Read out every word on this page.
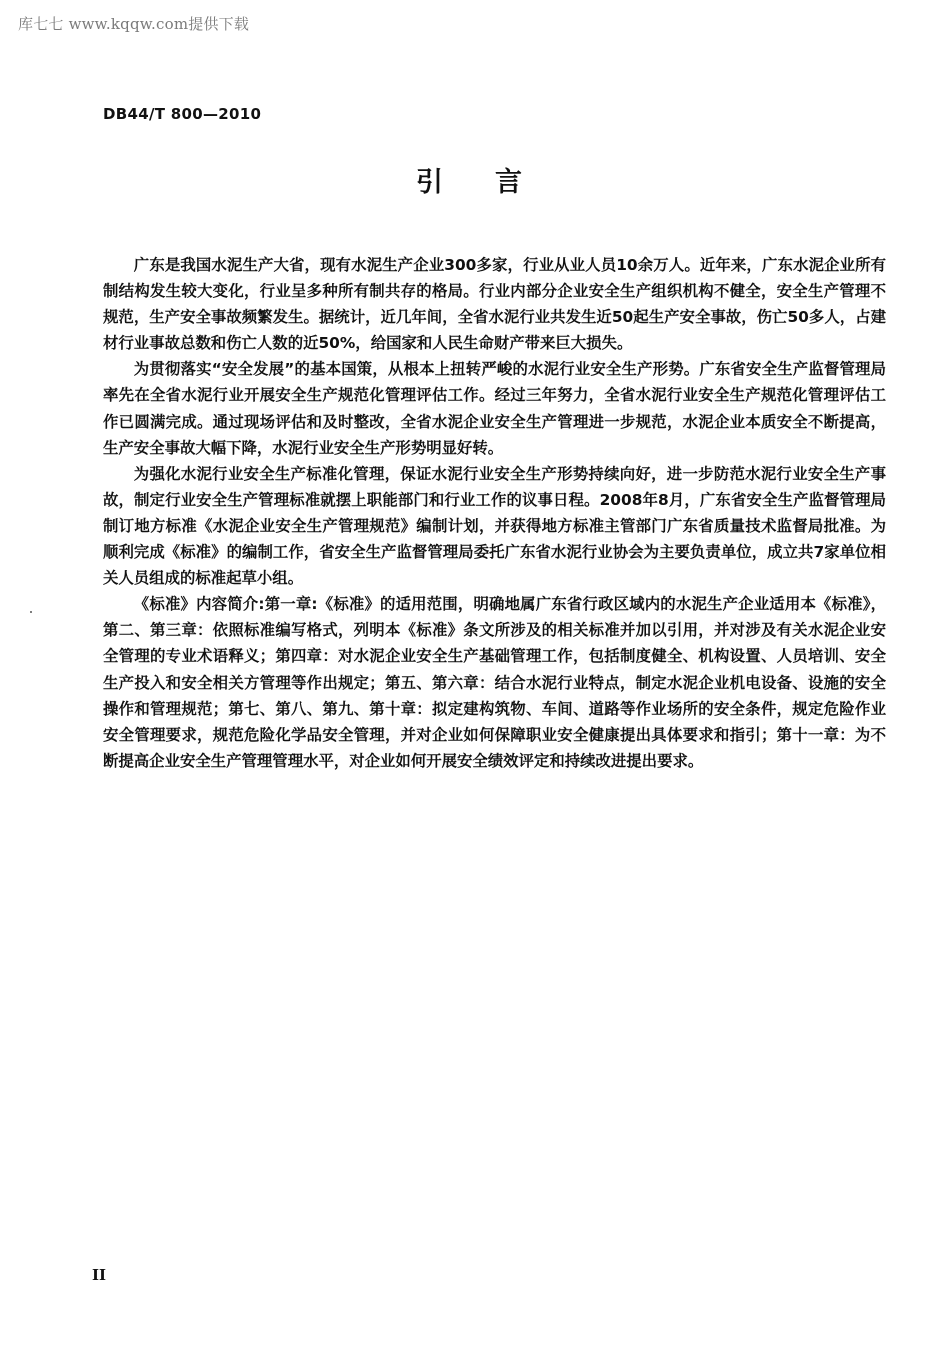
库七七 www.kqqw.com提供下载
DB44/T 800—2010
引言

广东是我国水泥生产大省，现有水泥生产企业300多家，行业从业人员10余万人。近年来，广东水泥企业所有制结构发生较大变化，行业呈多种所有制共存的格局。行业内部分企业安全生产组织机构不健全，安全生产管理不规范，生产安全事故频繁发生。据统计，近几年间，全省水泥行业共发生近50起生产安全事故，伤亡50多人，占建材行业事故总数和伤亡人数的近50%，给国家和人民生命财产带来巨大损失。

为贯彻落实“安全发展”的基本国策，从根本上扭转严峻的水泥行业安全生产形势。广东省安全生产监督管理局率先在全省水泥行业开展安全生产规范化管理评估工作。经过三年努力，全省水泥行业安全生产规范化管理评估工作已圆满完成。通过现场评估和及时整改，全省水泥企业安全生产管理进一步规范，水泥企业本质安全不断提高，生产安全事故大幅下降，水泥行业安全生产形势明显好转。

为强化水泥行业安全生产标准化管理，保证水泥行业安全生产形势持续向好，进一步防范水泥行业安全生产事故，制定行业安全生产管理标准就摆上职能部门和行业工作的议事日程。2008年8月，广东省安全生产监督管理局制订地方标准《水泥企业安全生产管理规范》编制计划，并获得地方标准主管部门广东省质量技术监督局批准。为顺利完成《标准》的编制工作，省安全生产监督管理局委托广东省水泥行业协会为主要负责单位，成立共7家单位相关人员组成的标准起草小组。

《标准》内容简介:第一章:《标准》的适用范围，明确地属广东省行政区域内的水泥生产企业适用本《标准》，第二、第三章：依照标准编写格式，列明本《标准》条文所涉及的相关标准并加以引用，并对涉及有关水泥企业安全管理的专业术语释义；第四章：对水泥企业安全生产基础管理工作，包括制度健全、机构设置、人员培训、安全生产投入和安全相关方管理等作出规定；第五、第六章：结合水泥行业特点，制定水泥企业机电设备、设施的安全操作和管理规范；第七、第八、第九、第十章：拟定建构筑物、车间、道路等作业场所的安全条件，规定危险作业安全管理要求，规范危险化学品安全管理，并对企业如何保障职业安全健康提出具体要求和指引；第十一章：为不断提高企业安全生产管理管理水平，对企业如何开展安全绩效评定和持续改进提出要求。

II
